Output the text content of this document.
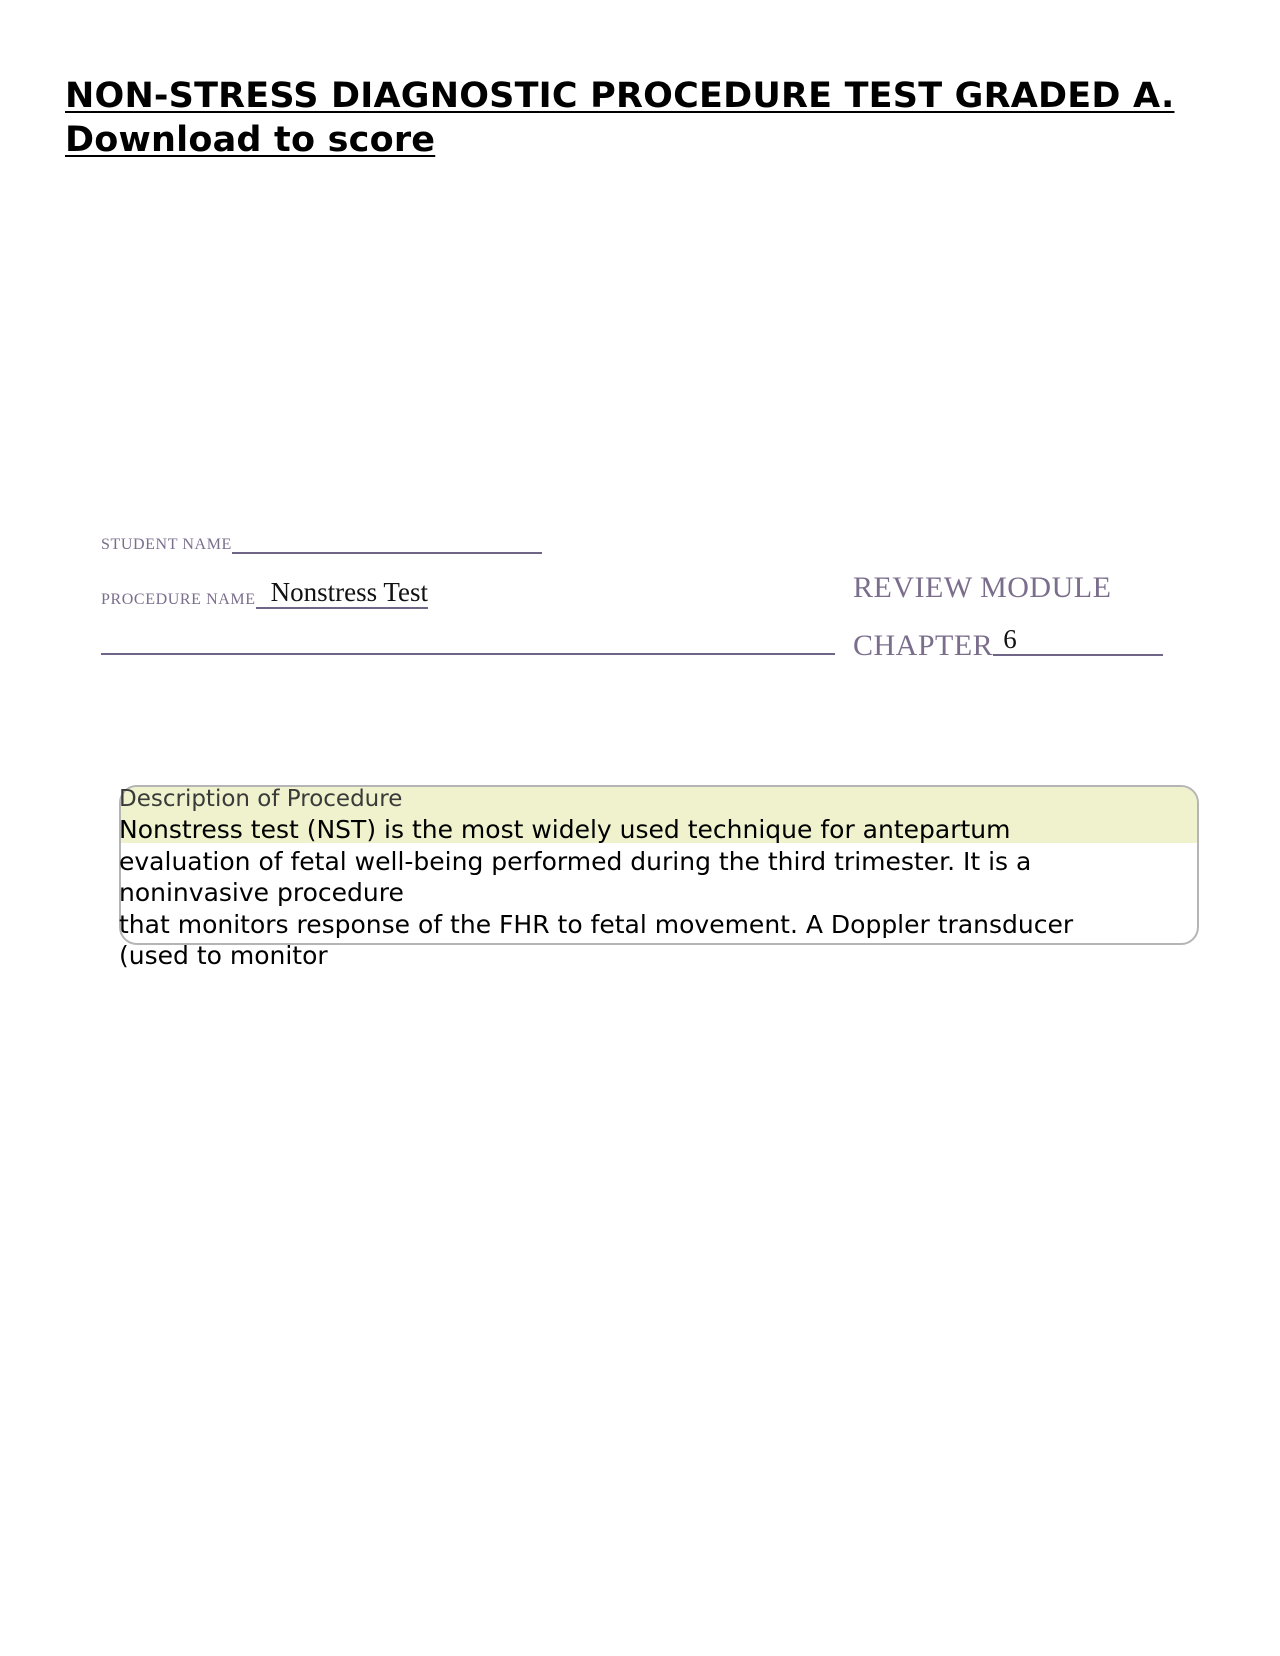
NON-STRESS DIAGNOSTIC PROCEDURE TEST GRADED A. Download to score
STUDENT NAME
PROCEDURE NAME Nonstress Test	REVIEW MODULE
CHAPTER 6

Description of Procedure

Nonstress test (NST) is the most widely used technique for antepartum
evaluation of fetal well-being performed during the third trimester. It is a
noninvasive procedure
that monitors response of the FHR to fetal movement. A Doppler transducer
(used to monitor
